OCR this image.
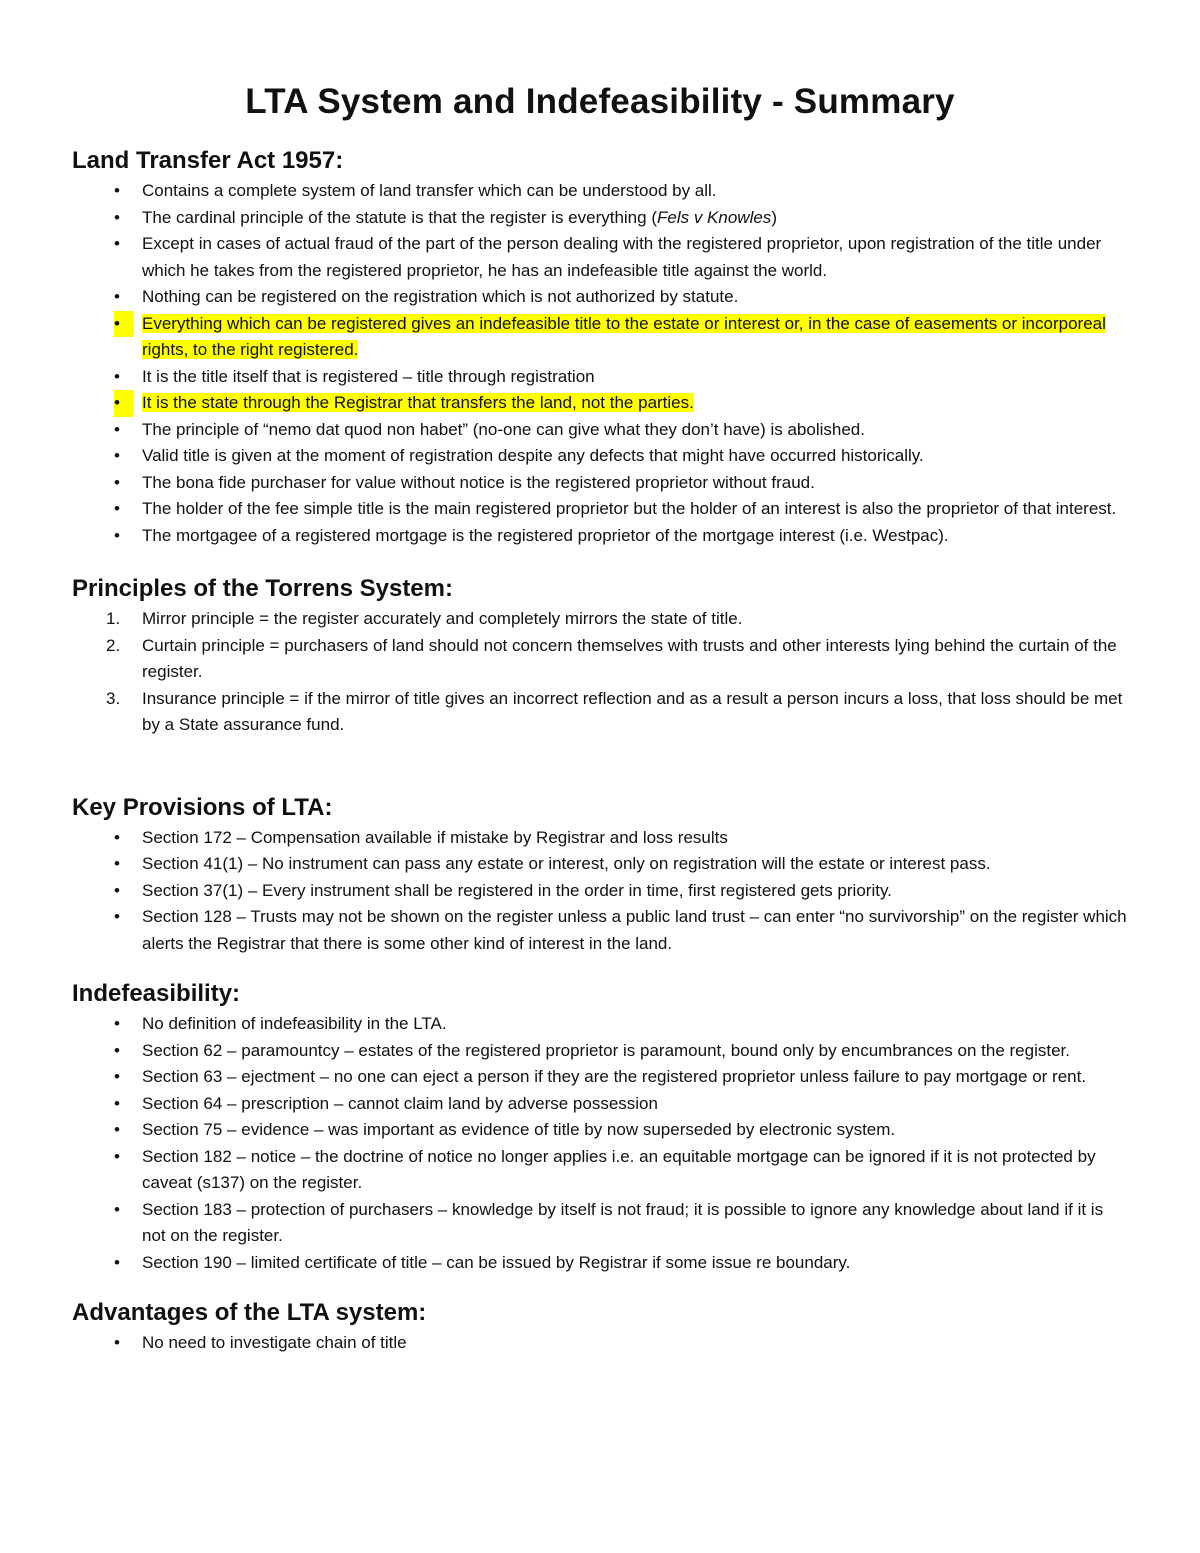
LTA System and Indefeasibility - Summary
Land Transfer Act 1957:
•	Contains a complete system of land transfer which can be understood by all.
•	The cardinal principle of the statute is that the register is everything (Fels v Knowles)
•	Except in cases of actual fraud of the part of the person dealing with the registered proprietor, upon registration of the title under which he takes from the registered proprietor, he has an indefeasible title against the world.
•	Nothing can be registered on the registration which is not authorized by statute.
•	Everything which can be registered gives an indefeasible title to the estate or interest or, in the case of easements or incorporeal rights, to the right registered.
•	It is the title itself that is registered – title through registration
•	It is the state through the Registrar that transfers the land, not the parties.
•	The principle of “nemo dat quod non habet” (no-one can give what they don’t have) is abolished.
•	Valid title is given at the moment of registration despite any defects that might have occurred historically.
•	The bona fide purchaser for value without notice is the registered proprietor without fraud.
•	The holder of the fee simple title is the main registered proprietor but the holder of an interest is also the proprietor of that interest.
•	The mortgagee of a registered mortgage is the registered proprietor of the mortgage interest (i.e. Westpac).
Principles of the Torrens System:
1.	Mirror principle = the register accurately and completely mirrors the state of title.
2.	Curtain principle = purchasers of land should not concern themselves with trusts and other interests lying behind the curtain of the register.
3.	Insurance principle = if the mirror of title gives an incorrect reflection and as a result a person incurs a loss, that loss should be met by a State assurance fund.
Key Provisions of LTA:
•	Section 172 – Compensation available if mistake by Registrar and loss results
•	Section 41(1) – No instrument can pass any estate or interest, only on registration will the estate or interest pass.
•	Section 37(1) – Every instrument shall be registered in the order in time, first registered gets priority.
•	Section 128 – Trusts may not be shown on the register unless a public land trust – can enter “no survivorship” on the register which alerts the Registrar that there is some other kind of interest in the land.
Indefeasibility:
•	No definition of indefeasibility in the LTA.
•	Section 62 – paramountcy – estates of the registered proprietor is paramount, bound only by encumbrances on the register.
•	Section 63 – ejectment – no one can eject a person if they are the registered proprietor unless failure to pay mortgage or rent.
•	Section 64 – prescription – cannot claim land by adverse possession
•	Section 75 – evidence – was important as evidence of title by now superseded by electronic system.
•	Section 182 – notice – the doctrine of notice no longer applies i.e. an equitable mortgage can be ignored if it is not protected by caveat (s137) on the register.
•	Section 183 – protection of purchasers – knowledge by itself is not fraud; it is possible to ignore any knowledge about land if it is not on the register.
•	Section 190 – limited certificate of title – can be issued by Registrar if some issue re boundary.
Advantages of the LTA system:
•	No need to investigate chain of title
